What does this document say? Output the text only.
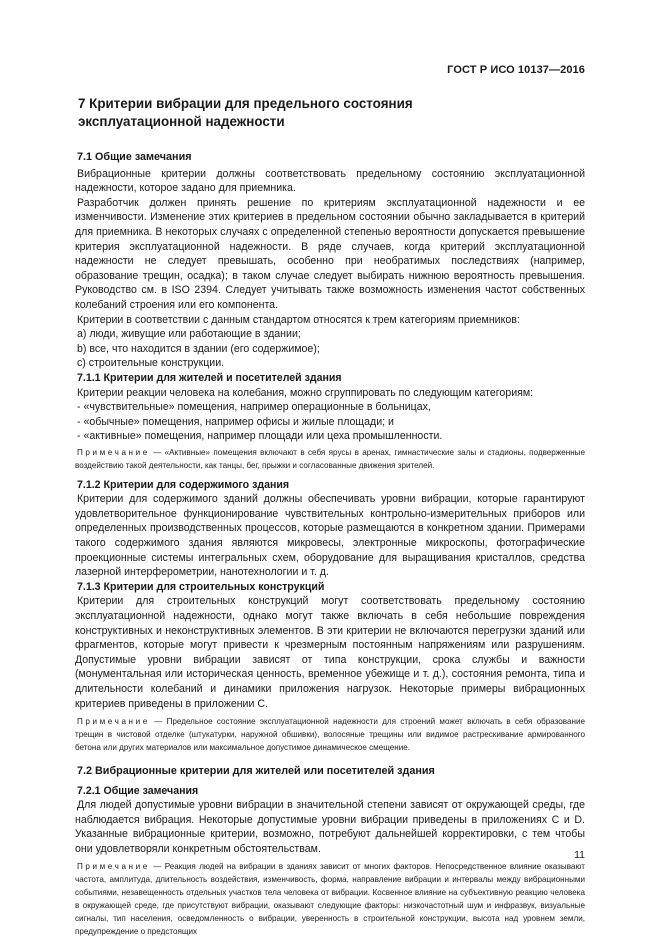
ГОСТ Р ИСО 10137—2016
7 Критерии вибрации для предельного состояния
эксплуатационной надежности
7.1 Общие замечания

Вибрационные критерии должны соответствовать предельному состоянию эксплуатационной надежности, которое задано для приемника.

Разработчик должен принять решение по критериям эксплуатационной надежности и ее изменчивости. Изменение этих критериев в предельном состоянии обычно закладывается в критерий для приемника. В некоторых случаях с определенной степенью вероятности допускается превышение критерия эксплуатационной надежности. В ряде случаев, когда критерий эксплуатационной надежности не следует превышать, особенно при необратимых последствиях (например, образование трещин, осадка); в таком случае следует выбирать нижнюю вероятность превышения. Руководство см. в ISO 2394. Следует учитывать также возможность изменения частот собственных колебаний строения или его компонента.

Критерии в соответствии с данным стандартом относятся к трем категориям приемников:

a) люди, живущие или работающие в здании;

b) все, что находится в здании (его содержимое);

c) строительные конструкции.

7.1.1 Критерии для жителей и посетителей здания

Критерии реакции человека на колебания, можно сгруппировать по следующим категориям:

- «чувствительные» помещения, например операционные в больницах,

- «обычные» помещения, например офисы и жилые площади; и

- «активные» помещения, например площади или цеха промышленности.

Примечание — «Активные» помещения включают в себя ярусы в аренах, гимнастические залы и стадионы, подверженные воздействию такой деятельности, как танцы, бег, прыжки и согласованные движения зрителей.

7.1.2 Критерии для содержимого здания

Критерии для содержимого зданий должны обеспечивать уровни вибрации, которые гарантируют удовлетворительное функционирование чувствительных контрольно-измерительных приборов или определенных производственных процессов, которые размещаются в конкретном здании. Примерами такого содержимого здания являются микровесы, электронные микроскопы, фотографические проекционные системы интегральных схем, оборудование для выращивания кристаллов, средства лазерной интерферометрии, нанотехнологии и т. д.

7.1.3 Критерии для строительных конструкций

Критерии для строительных конструкций могут соответствовать предельному состоянию эксплуатационной надежности, однако могут также включать в себя небольшие повреждения конструктивных и неконструктивных элементов. В эти критерии не включаются перегрузки зданий или фрагментов, которые могут привести к чрезмерным постоянным напряжениям или разрушениям. Допустимые уровни вибрации зависят от типа конструкции, срока службы и важности (монументальная или историческая ценность, временное убежище и т. д.), состояния ремонта, типа и длительности колебаний и динамики приложения нагрузок. Некоторые примеры вибрационных критериев приведены в приложении C.

Примечание — Предельное состояние эксплуатационной надежности для строений может включать в себя образование трещин в чистовой отделке (штукатурки, наружной обшивки), волосяные трещины или видимое растрескивание армированного бетона или других материалов или максимальное допустимое динамическое смещение.

7.2 Вибрационные критерии для жителей или посетителей здания
7.2.1 Общие замечания

Для людей допустимые уровни вибрации в значительной степени зависят от окружающей среды, где наблюдается вибрация. Некоторые допустимые уровни вибрации приведены в приложениях C и D. Указанные вибрационные критерии, возможно, потребуют дальнейшей корректировки, с тем чтобы они удовлетворяли конкретным обстоятельствам.

Примечание — Реакция людей на вибрации в зданиях зависит от многих факторов. Непосредственное влияние оказывают частота, амплитуда, длительность воздействия, изменчивость, форма, направление вибрации и интервалы между вибрационными событиями, незавещенность отдельных участков тела человека от вибрации. Косвенное влияние на субъективную реакцию человека в окружающей среде, где присутствуют вибрации, оказывают следующие факторы: низкочастотный шум и инфразвук, визуальные сигналы, тип населения, осведомленность о вибрации, уверенность в строительной конструкции, высота над уровнем земли, предупреждение о предстоящих

11
